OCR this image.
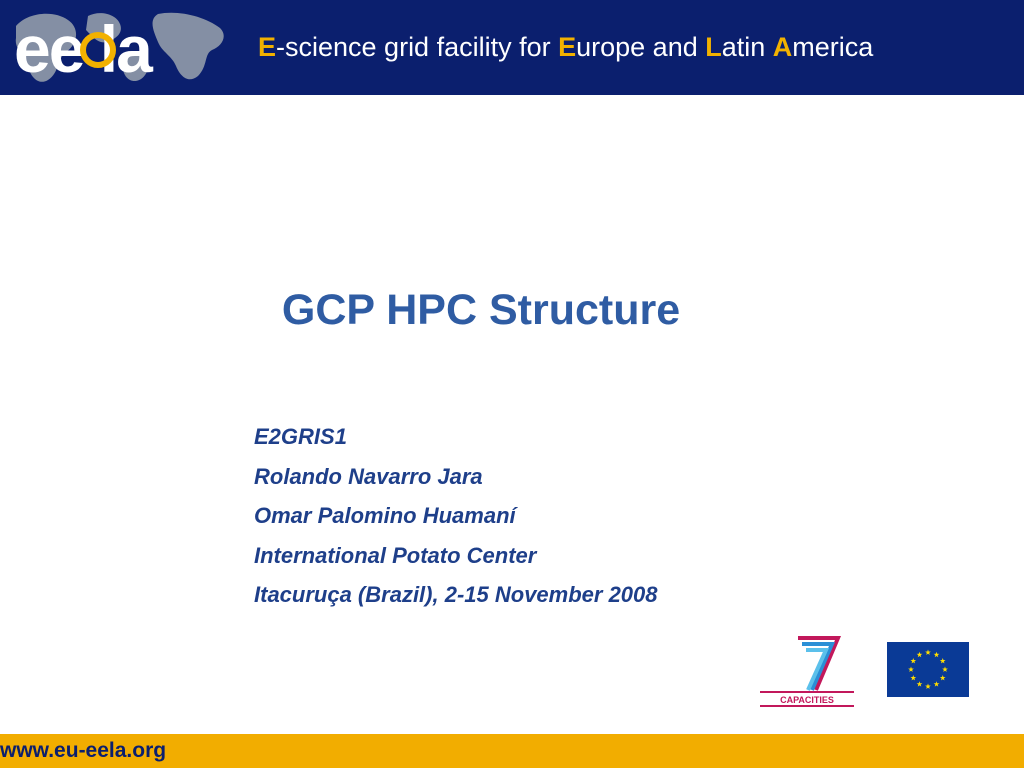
ee la	E-science grid facility for Europe and Latin America

GCP HPC Structure
E2GRIS1
Rolando Navarro Jara
Omar Palomino Huamaní
International Potato Center
Itacuruça (Brazil), 2-15 November 2008
CAPACITIES

www.eu-eela.org
